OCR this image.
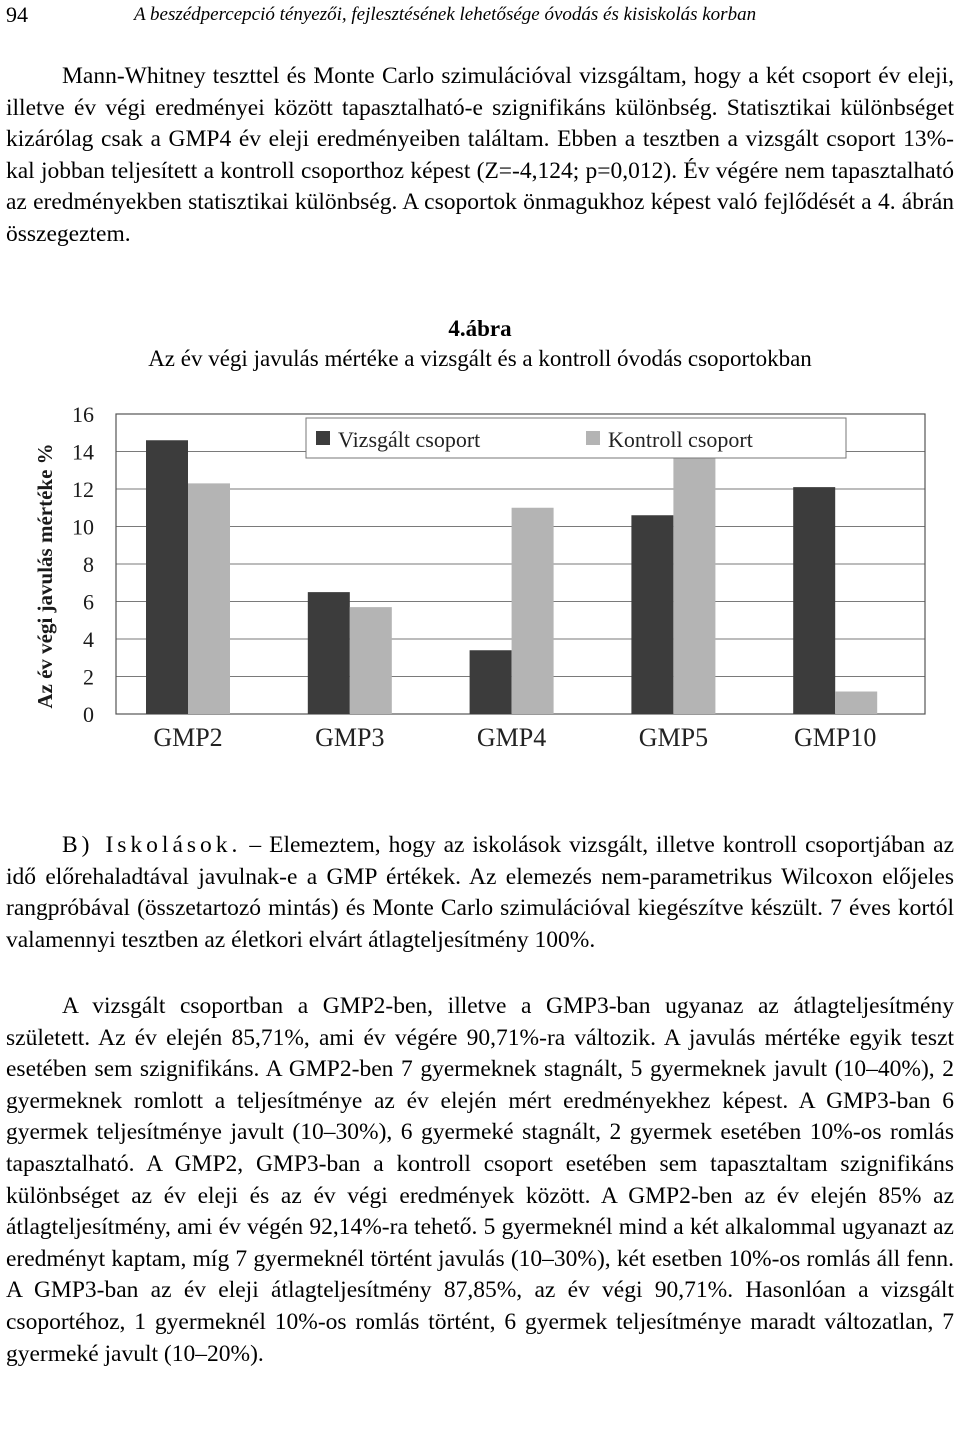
94	A beszédpercepció tényezői, fejlesztésének lehetősége óvodás és kisiskolás korban

Mann-Whitney teszttel és Monte Carlo szimulációval vizsgáltam, hogy a két csoport év eleji, illetve év végi eredményei között tapasztalható-e szignifikáns különbség. Statisztikai különbséget kizárólag csak a GMP4 év eleji eredményeiben találtam. Ebben a tesztben a vizsgált csoport 13%-kal jobban teljesített a kontroll csoporthoz képest (Z=-4,124; p=0,012). Év végére nem tapasztalható az eredményekben statisztikai különbség. A csoportok önmagukhoz képest való fejlődését a 4. ábrán összegeztem.

4.ábra
Az év végi javulás mértéke a vizsgált és a kontroll óvodás csoportokban
0
2
4
6
8
10
12
14
16
Az év végi javulás mértéke %
GMP2	GMP3	GMP4	GMP5	GMP10
Vizsgált csoport	Kontroll csoport

B) Iskolások. – Elemeztem, hogy az iskolások vizsgált, illetve kontroll csoportjában az idő előrehaladtával javulnak-e a GMP értékek. Az elemezés nem-parametrikus Wilcoxon előjeles rangpróbával (összetartozó mintás) és Monte Carlo szimulációval kiegészítve készült. 7 éves kortól valamennyi tesztben az életkori elvárt átlagteljesítmény 100%.

A vizsgált csoportban a GMP2-ben, illetve a GMP3-ban ugyanaz az átlagteljesítmény született. Az év elején 85,71%, ami év végére 90,71%-ra változik. A javulás mértéke egyik teszt esetében sem szignifikáns. A GMP2-ben 7 gyermeknek stagnált, 5 gyermeknek javult (10–40%), 2 gyermeknek romlott a teljesítménye az év elején mért eredményekhez képest. A GMP3-ban 6 gyermek teljesítménye javult (10–30%), 6 gyermeké stagnált, 2 gyermek esetében 10%-os romlás tapasztalható. A GMP2, GMP3-ban a kontroll csoport esetében sem tapasztaltam szignifikáns különbséget az év eleji és az év végi eredmények között. A GMP2-ben az év elején 85% az átlagteljesítmény, ami év végén 92,14%-ra tehető. 5 gyermeknél mind a két alkalommal ugyanazt az eredményt kaptam, míg 7 gyermeknél történt javulás (10–30%), két esetben 10%-os romlás áll fenn. A GMP3-ban az év eleji átlagteljesítmény 87,85%, az év végi 90,71%. Hasonlóan a vizsgált csoportéhoz, 1 gyermeknél 10%-os romlás történt, 6 gyermek teljesítménye maradt változatlan, 7 gyermeké javult (10–20%).
